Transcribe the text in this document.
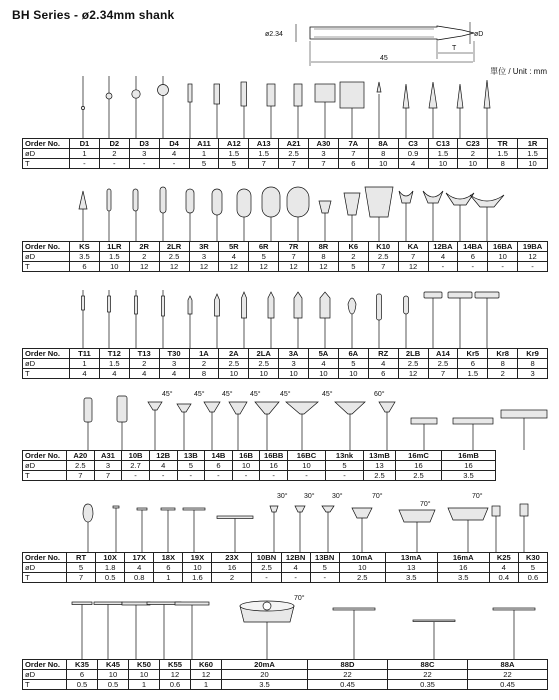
BH Series - ø2.34mm shank
ø2.34	øD
T
45
單位 / Unit : mm
Order No.	D1	D2	D3	D4	A11	A12	A13	A21	A30	7A	8A	C3	C13	C23	TR	1R
øD	1	2	3	4	1	1.5	1.5	2.5	3	7	8	0.9	1.5	2	1.5	1.5
T	-	-	-	-	5	5	7	7	7	6	10	4	10	10	8	10
Order No.	KS	1LR	2R	2LR	3R	5R	6R	7R	8R	K6	K10	KA	12BA	14BA	16BA	19BA
øD	3.5	1.5	2	2.5	3	4	5	7	8	2	2.5	7	4	6	10	12
T	6	10	12	12	12	12	12	12	12	5	7	12	-	-	-	-
Order No.	T11	T12	T13	T30	1A	2A	2LA	3A	5A	6A	RZ	2LB	A14	Kr5	Kr8	Kr9
øD	1	1.5	2	3	2	2.5	2.5	3	4	5	4	2.5	2.5	6	8	8
T	4	4	4	4	8	10	10	10	10	10	6	12	7	1.5	2	3
45°	45° 45° 45°	45°	45°	60°
Order No.	A20	A31	10B	12B	13B	14B	16B	16BB	16BC	13nk	13mB	16mC	16mB
øD	2.5	3	2.7	4	5	6	10	16	10	5	13	16	16
T	7	7	-	-	-	-	-	-	-	-	2.5	2.5	3.5
30° 30° 30°	70°
70°
70°
Order No.	RT	10X	17X	18X	19X	23X	10BN	12BN	13BN	10mA	13mA	16mA	K25	K30
øD	5	1.8	4	6	10	16	2.5	4	5	10	13	16	4	5
T	7	0.5	0.8	1	1.6	2	-	-	-	2.5	3.5	3.5	0.4	0.6
70°
Order No.	K35	K45	K50	K55	K60	20mA	88D	88C	88A
øD	6	10	10	12	12	20	22	22	22
T	0.5	0.5	1	0.6	1	3.5	0.45	0.35	0.45
